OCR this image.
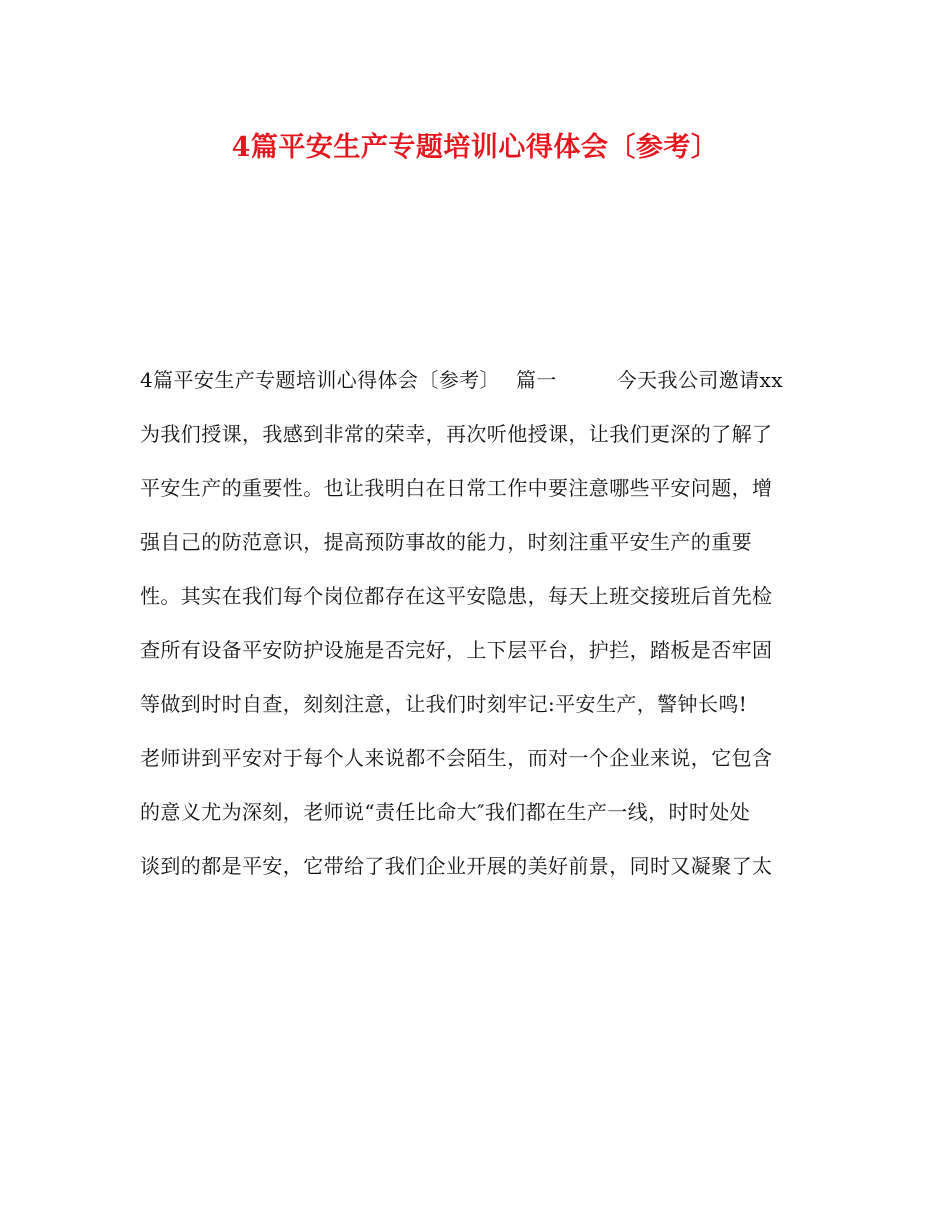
4篇平安生产专题培训心得体会〔参考〕
4篇平安生产专题培训心得体会〔参考〕 篇一	今天我公司邀请xx
为我们授课，我感到非常的荣幸，再次听他授课，让我们更深的了解了
平安生产的重要性。也让我明白在日常工作中要注意哪些平安问题，增
强自己的防范意识，提高预防事故的能力，时刻注重平安生产的重要
性。其实在我们每个岗位都存在这平安隐患，每天上班交接班后首先检
查所有设备平安防护设施是否完好，上下层平台，护拦，踏板是否牢固
等做到时时自查，刻刻注意，让我们时刻牢记:平安生产，警钟长鸣!
老师讲到平安对于每个人来说都不会陌生，而对一个企业来说，它包含
的意义尤为深刻，老师说“责任比命大″我们都在生产一线，时时处处
谈到的都是平安，它带给了我们企业开展的美好前景，同时又凝聚了太
